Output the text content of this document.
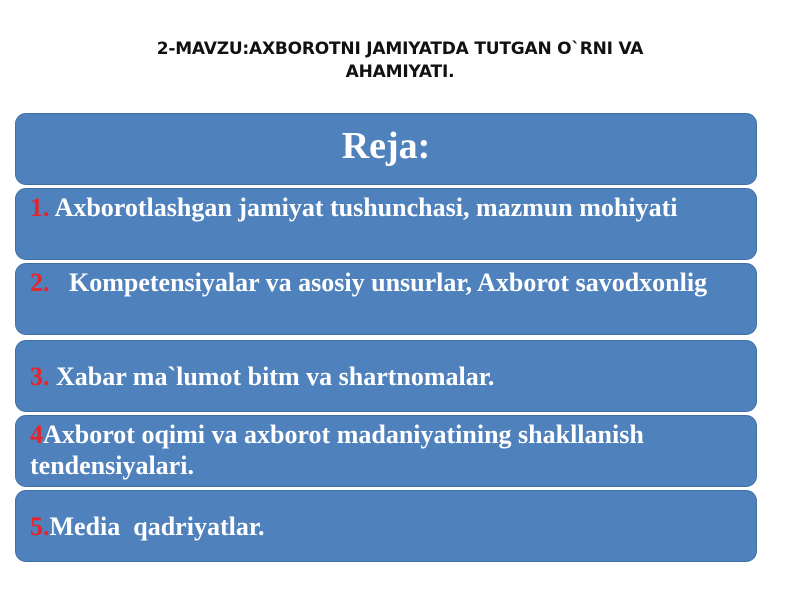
2-MAVZU:AXBOROTNI JAMIYATDA TUTGAN O`RNI VA
AHAMIYATI.
Reja:
1. Axborotlashgan jamiyat tushunchasi, mazmun mohiyati
2.   Kompetensiyalar va asosiy unsurlar, Axborot savodxonlig
3. Xabar ma`lumot bitm va shartnomalar.
4Axborot oqimi va axborot madaniyatining shakllanish tendensiyalari.
5.Media  qadriyatlar.
